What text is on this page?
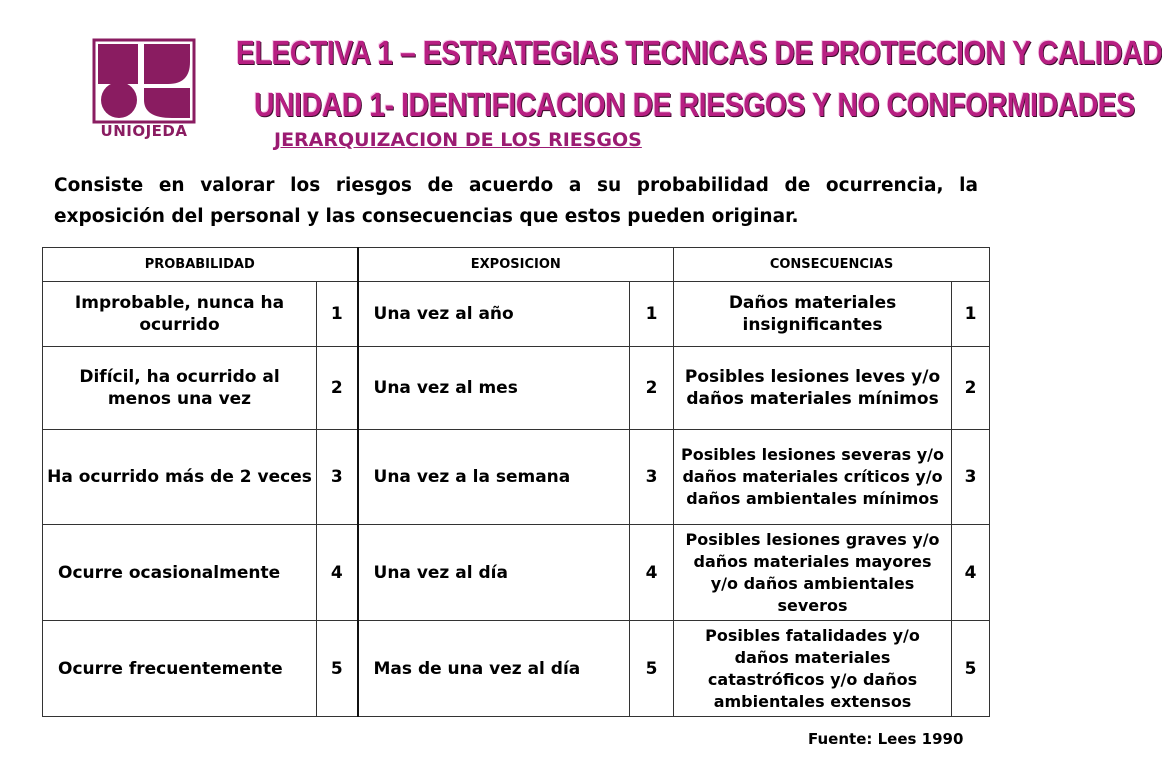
UNIOJEDA
ELECTIVA 1 – ESTRATEGIAS TECNICAS DE PROTECCION Y CALIDAD
UNIDAD 1- IDENTIFICACION DE RIESGOS Y NO CONFORMIDADES
JERARQUIZACION DE LOS RIESGOS
Consiste en valorar los riesgos de acuerdo a su probabilidad de ocurrencia, la exposición del personal y las consecuencias que estos pueden originar.
PROBABILIDAD		EXPOSICION		CONSECUENCIAS	
Improbable, nunca ha ocurrido	1	Una vez al año	1	Daños materiales insignificantes	1
Difícil, ha ocurrido al menos una vez	2	Una vez al mes	2	Posibles lesiones leves y/o daños materiales mínimos	2
Ha ocurrido más de 2 veces	3	Una vez a la semana	3	Posibles lesiones severas y/o daños materiales críticos y/o daños ambientales mínimos	3
Ocurre ocasionalmente	4	Una vez al día	4	Posibles lesiones graves y/o daños materiales mayores y/o daños ambientales severos	4
Ocurre frecuentemente	5	Mas de una vez al día	5	Posibles fatalidades y/o daños materiales catastróficos y/o daños ambientales extensos	5
Fuente: Lees 1990
